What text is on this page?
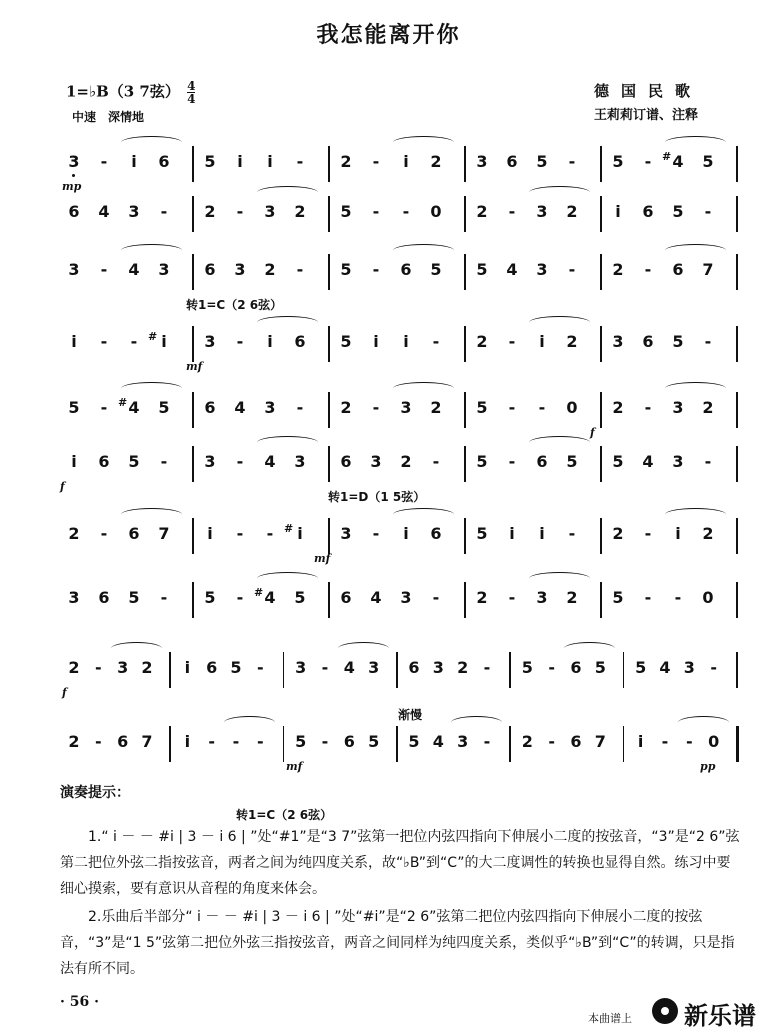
我怎能离开你
1=♭B（3 7弦） $\frac{4}{4}$
中速　深情地
德国民歌
王莉莉订谱、注释
3 -	i	6 5	i	i	- 2 -	i	2 3 6 5 - 5 - # 4 5
mp
6 4 3 - 2 - 3 2 5 - - 0 2 - 3 2	i	6 5 -
3 - 4 3 6 3 2 - 5 - 6 5 5 4 3 - 2 - 6 7
i	- - # i	3 -	i	6 5	i	i	- 2 -	i	2 3 6 5 -
mf
5 - # 4 5 6 4 3 - 2 - 3 2 5 - - 0 2 - 3 2
f
i	6 5 - 3 - 4 3 6 3 2 - 5 - 6 5 5 4 3 -
f
2 - 6 7	i	- - # i	3 -	i	6 5	i	i	- 2 -	i	2
mf
3 6 5 - 5 - # 4 5 6 4 3 - 2 - 3 2 5 - - 0
2 - 3 2	i	6 5 - 3 - 4 3 6 3 2 - 5 - 6 5 5 4 3 -
f
2 - 6 7	i	- - - 5 - 6 5 5 4 3 - 2 - 6 7	i	- - 0
mf	pp
转1=C（2 6弦）
转1=D（1 5弦）
渐慢
演奏提示：
转1=C（2 6弦）
1.“ i － － #i | 3 － i 6 | ”处“#1”是“3 7”弦第一把位内弦四指向下伸展小二度的按弦音，“3”是“2 6”弦第二把位外弦二指按弦音，两者之间为纯四度关系，故“♭B”到“C”的大二度调性的转换也显得自然。练习中要细心摸索，要有意识从音程的角度来体会。
2.乐曲后半部分“ i － － #i | 3 － i 6 | ”处“#i”是“2 6”弦第二把位内弦四指向下伸展小二度的按弦音，“3”是“1 5”弦第二把位外弦三指按弦音，两音之间同样为纯四度关系，类似乎“♭B”到“C”的转调，只是指法有所不同。
· 56 ·
本曲谱上 新乐谱
